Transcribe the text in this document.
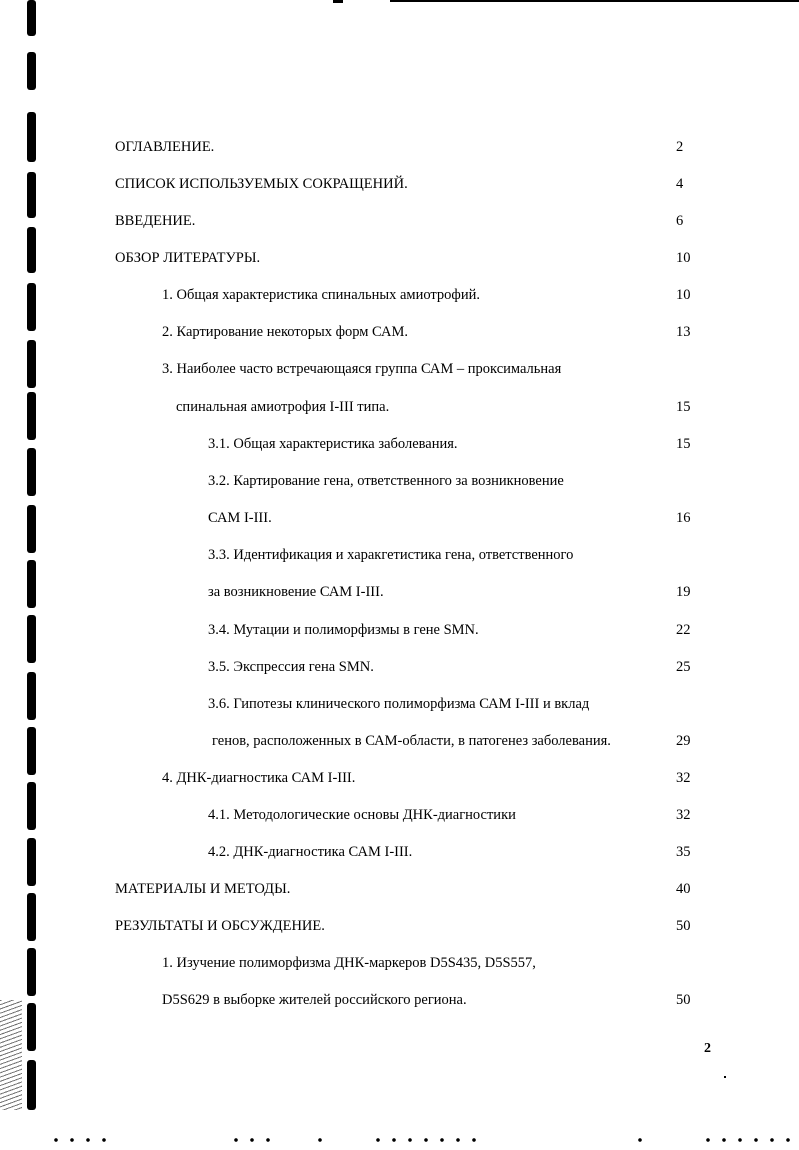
ОГЛАВЛЕНИЕ.	2
СПИСОК ИСПОЛЬЗУЕМЫХ СОКРАЩЕНИЙ.	4
ВВЕДЕНИЕ.	6
ОБЗОР ЛИТЕРАТУРЫ.	10
1. Общая характеристика спинальных амиотрофий.	10
2. Картирование некоторых форм САМ.	13
3. Наиболее часто встречающаяся группа САМ – проксимальная
спинальная амиотрофия I-III типа.	15
3.1. Общая характеристика заболевания.	15
3.2. Картирование гена, ответственного за возникновение
САМ I-III.	16
3.3. Идентификация и харакгетистика гена, ответственного
за возникновение САМ I-III.	19
3.4. Мутации и полиморфизмы в гене SMN.	22
3.5. Экспрессия гена SMN.	25
3.6. Гипотезы клинического полиморфизма САМ I-III и вклад
генов, расположенных в САМ-области, в патогенез заболевания.	29
4. ДНК-диагностика САМ I-III.	32
4.1. Методологические основы ДНК-диагностики	32
4.2. ДНК-диагностика САМ I-III.	35
МАТЕРИАЛЫ И МЕТОДЫ.	40
РЕЗУЛЬТАТЫ И ОБСУЖДЕНИЕ.	50
1. Изучение полиморфизма ДНК-маркеров D5S435, D5S557,
D5S629 в выборке жителей российского региона.	50
2
